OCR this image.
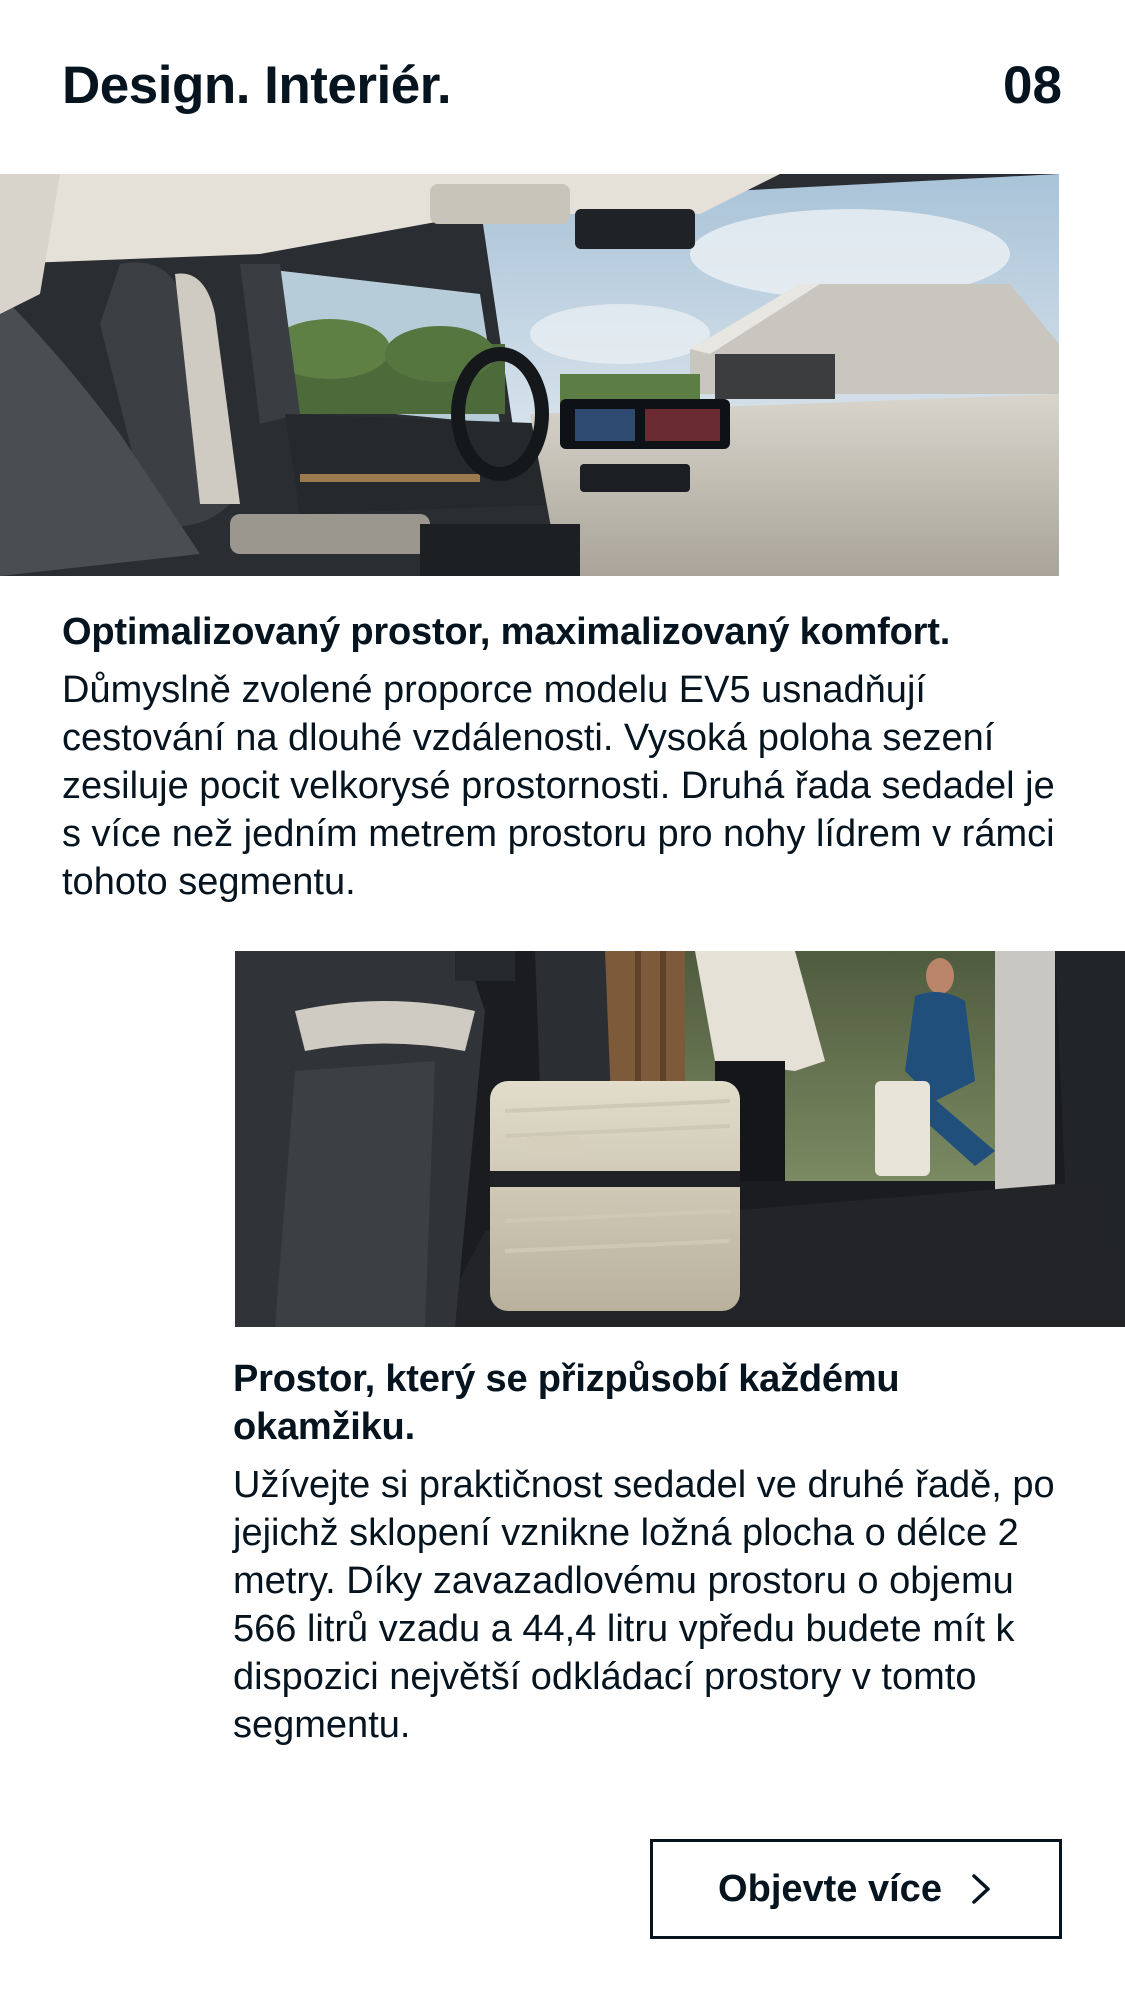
Design. Interiér.	08
Optimalizovaný prostor, maximalizovaný komfort.

Důmyslně zvolené proporce modelu EV5 usnadňují cestování na dlouhé vzdálenosti. Vysoká poloha sezení zesiluje pocit velkorysé prostornosti. Druhá řada sedadel je s více než jedním metrem prostoru pro nohy lídrem v rámci tohoto segmentu.

Prostor, který se přizpůsobí každému okamžiku.

Užívejte si praktičnost sedadel ve druhé řadě, po jejichž sklopení vznikne ložná plocha o délce 2 metry. Díky zavazadlovému prostoru o objemu 566 litrů vzadu a 44,4 litru vpředu budete mít k dispozici největší odkládací prostory v tomto segmentu.

Objevte více
